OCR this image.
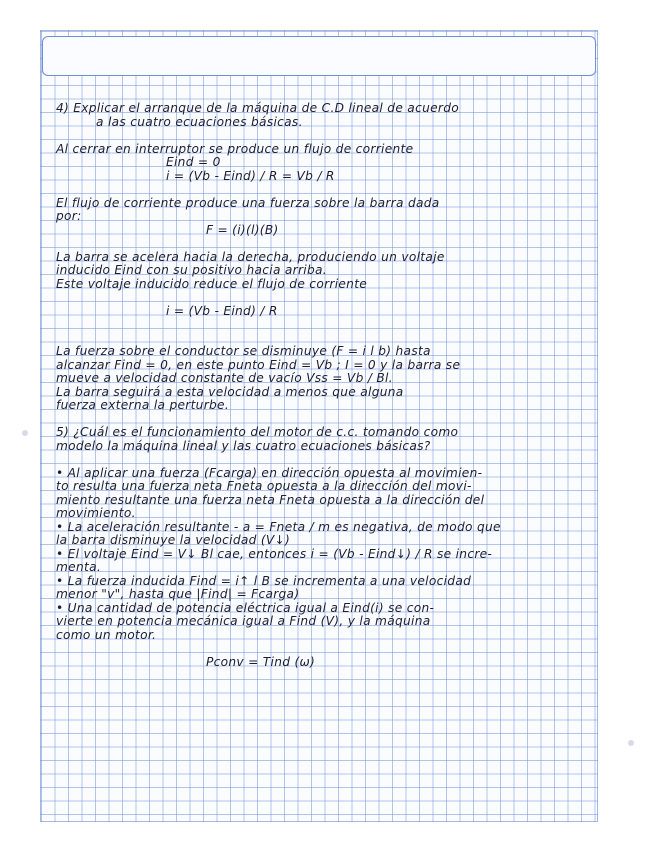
4) Explicar el arranque de la máquina de C.D lineal de acuerdo

a las cuatro ecuaciones básicas.

Al cerrar en interruptor se produce un flujo de corriente

Eind = 0

i = (Vb - Eind) / R = Vb / R

El flujo de corriente produce una fuerza sobre la barra dada

por:

F = (i)(l)(B)

La barra se acelera hacia la derecha, produciendo un voltaje

inducido Eind con su positivo hacia arriba.

Este voltaje inducido reduce el flujo de corriente

i = (Vb - Eind) / R

La fuerza sobre el conductor se disminuye (F = i l b) hasta

alcanzar Find = 0, en este punto Eind = Vb ; I = 0 y la barra se

mueve a velocidad constante de vacío Vss = Vb / Bl.

La barra seguirá a esta velocidad a menos que alguna

fuerza externa la perturbe.

5) ¿Cuál es el funcionamiento del motor de c.c. tomando como

modelo la máquina lineal y las cuatro ecuaciones básicas?

• Al aplicar una fuerza (Fcarga) en dirección opuesta al movimien-

to resulta una fuerza neta Fneta opuesta a la dirección del movi-

miento resultante una fuerza neta Fneta opuesta a la dirección del

movimiento.

• La aceleración resultante - a = Fneta / m es negativa, de modo que

la barra disminuye la velocidad (V↓)

• El voltaje Eind = V↓ Bl cae, entonces i = (Vb - Eind↓) / R se incre-

menta.

• La fuerza inducida Find = i↑ l B se incrementa a una velocidad

menor "v", hasta que |Find| = Fcarga)

• Una cantidad de potencia eléctrica igual a Eind(i) se con-

vierte en potencia mecánica igual a Find (V), y la máquina

como un motor.

Pconv = Tind (ω)
